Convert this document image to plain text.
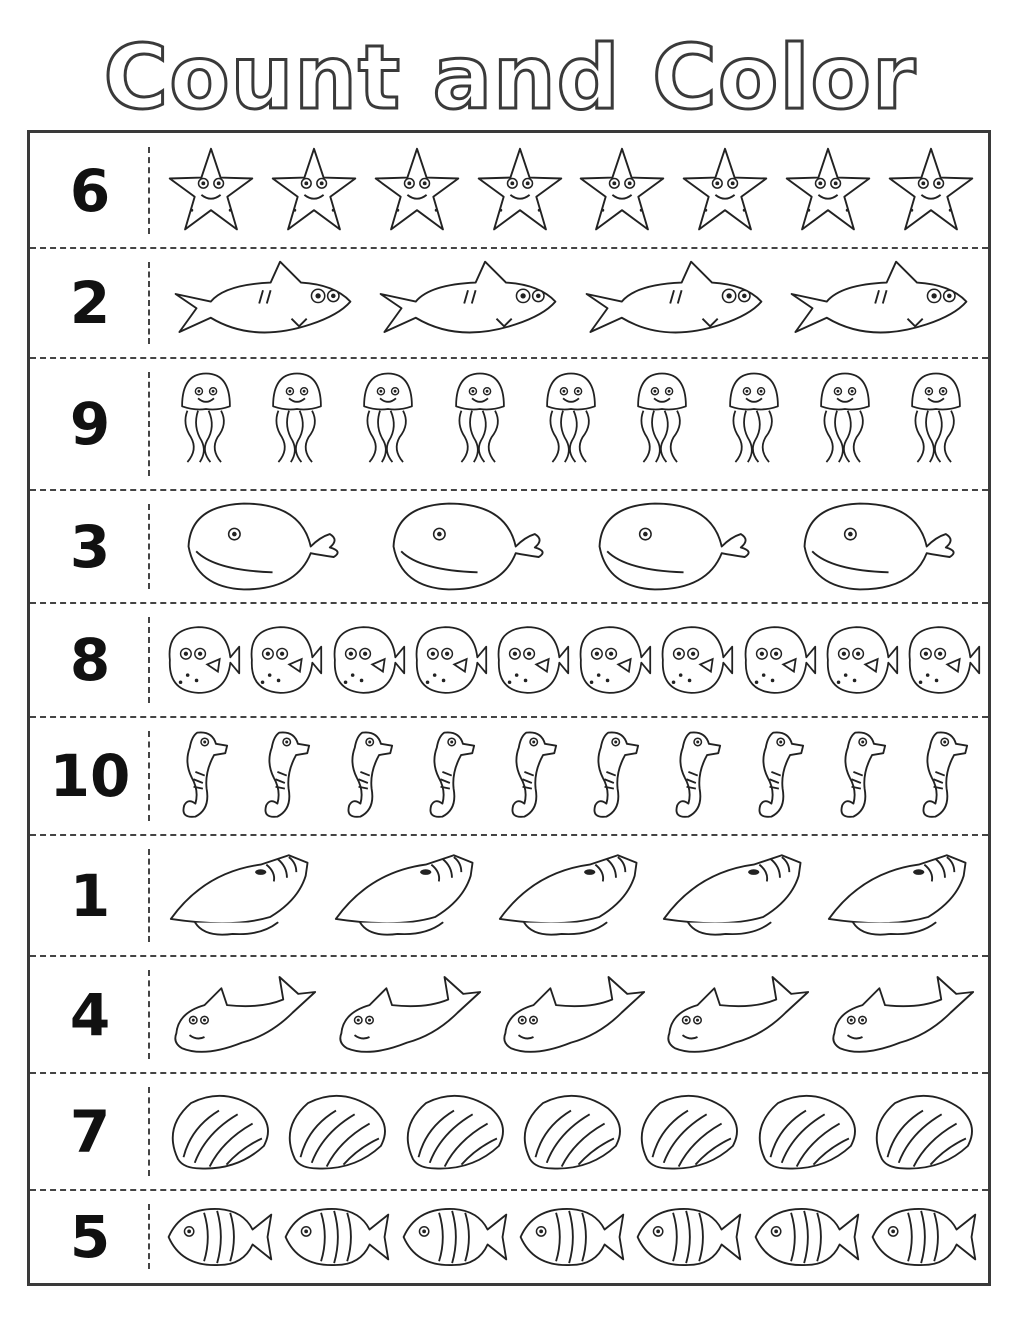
Count and Color
6
2
9
3
8
10
1
4
7
5
